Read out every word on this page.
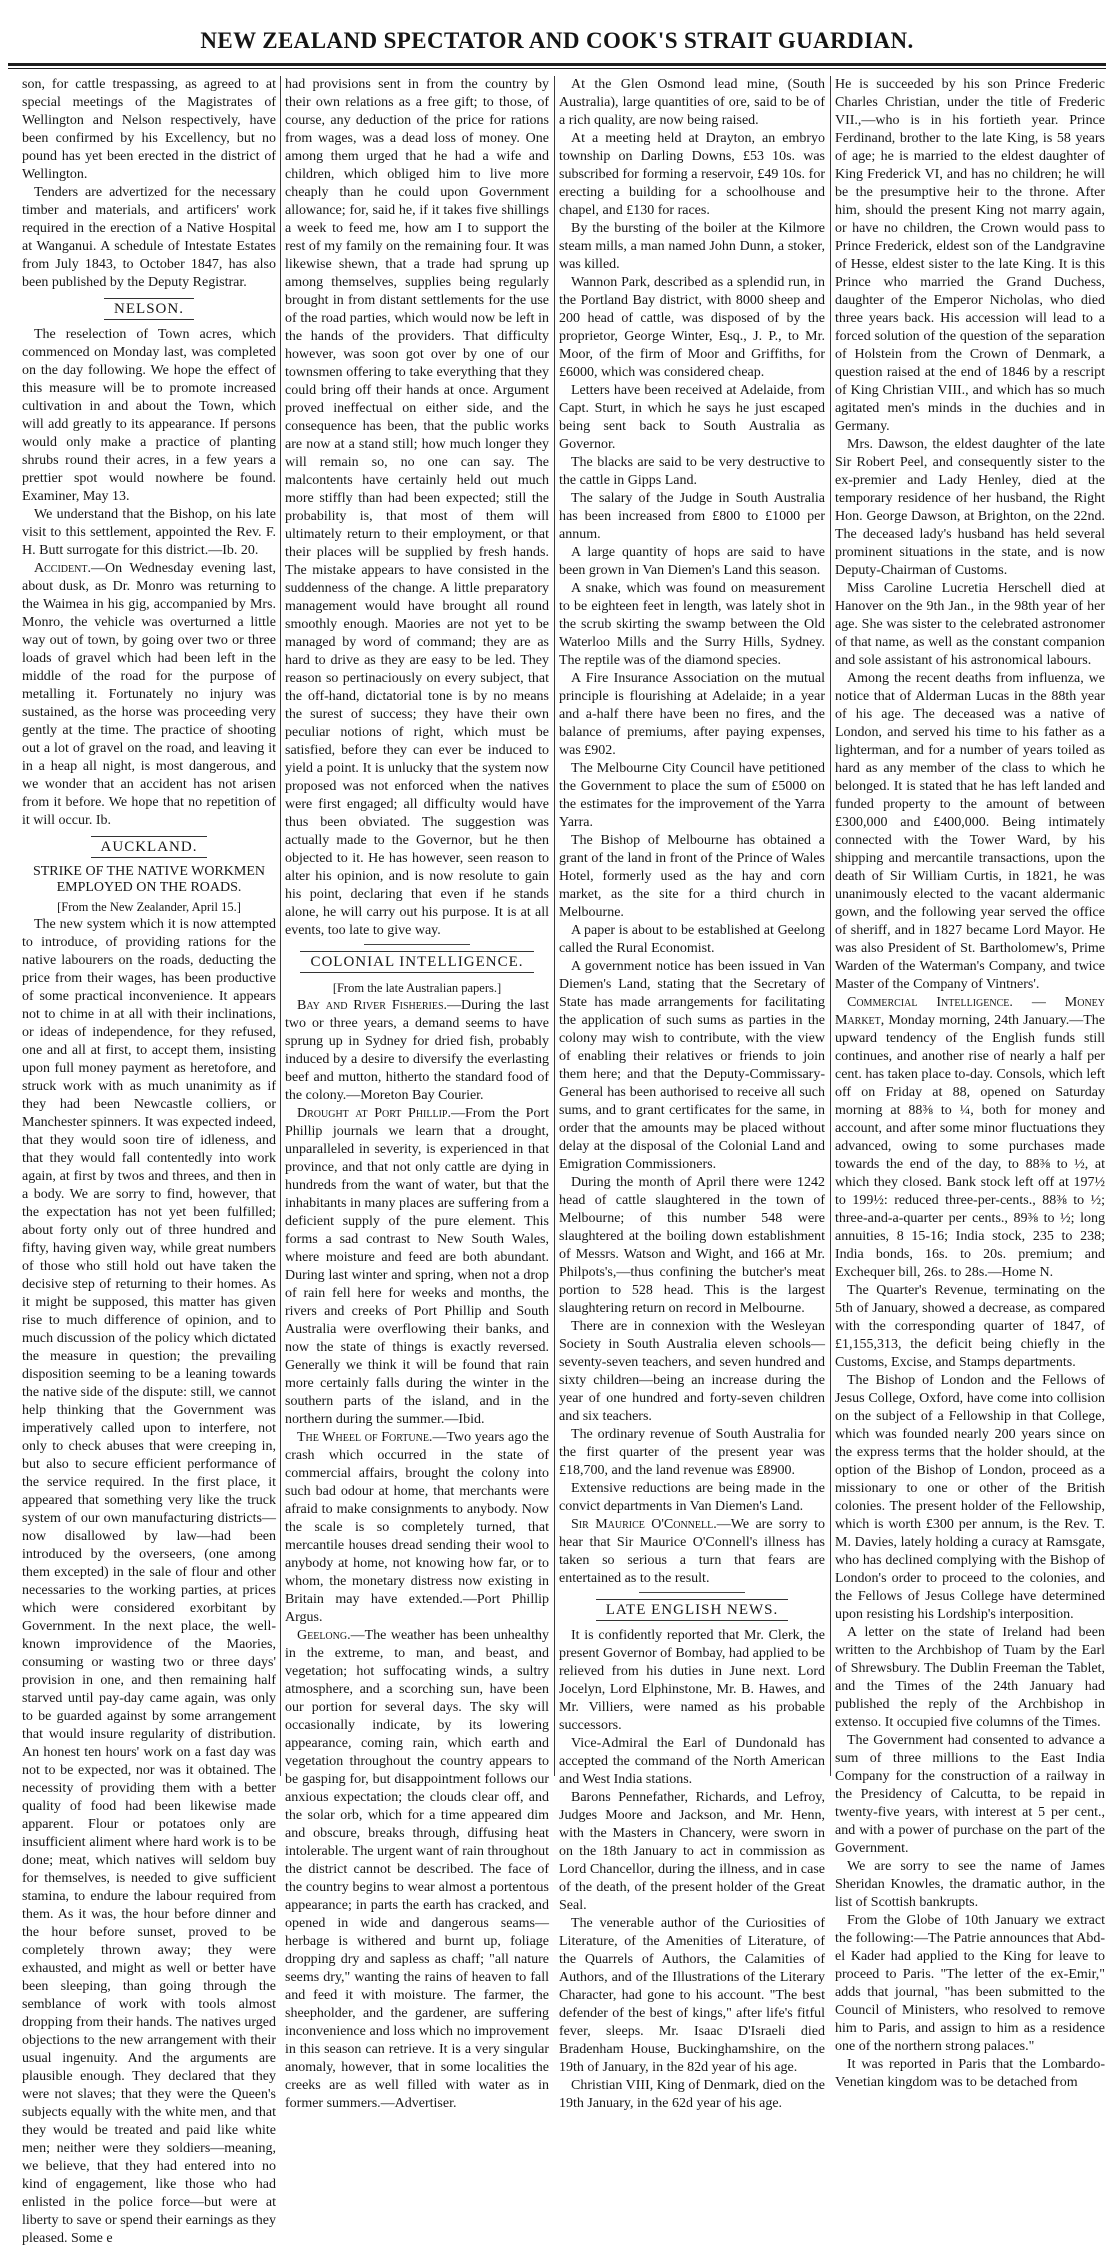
NEW ZEALAND SPECTATOR AND COOK'S STRAIT GUARDIAN.

son, for cattle trespassing, as agreed to at special meetings of the Magistrates of Wellington and Nelson respectively, have been confirmed by his Excellency, but no pound has yet been erected in the district of Wellington.

Tenders are advertized for the necessary timber and materials, and artificers' work required in the erection of a Native Hospital at Wanganui. A schedule of Intestate Estates from July 1843, to October 1847, has also been published by the Deputy Registrar.

NELSON.

The reselection of Town acres, which commenced on Monday last, was completed on the day following. We hope the effect of this measure will be to promote increased cultivation in and about the Town, which will add greatly to its appearance. If persons would only make a practice of planting shrubs round their acres, in a few years a prettier spot would nowhere be found. Examiner, May 13.

We understand that the Bishop, on his late visit to this settlement, appointed the Rev. F. H. Butt surrogate for this district.—Ib. 20.

Accident.—On Wednesday evening last, about dusk, as Dr. Monro was returning to the Waimea in his gig, accompanied by Mrs. Monro, the vehicle was overturned a little way out of town, by going over two or three loads of gravel which had been left in the middle of the road for the purpose of metalling it. Fortunately no injury was sustained, as the horse was proceeding very gently at the time. The practice of shooting out a lot of gravel on the road, and leaving it in a heap all night, is most dangerous, and we wonder that an accident has not arisen from it before. We hope that no repetition of it will occur. Ib.

AUCKLAND.
STRIKE OF THE NATIVE WORKMEN EMPLOYED ON THE ROADS.

[From the New Zealander, April 15.]

The new system which it is now attempted to introduce, of providing rations for the native labourers on the roads, deducting the price from their wages, has been productive of some practical inconvenience. It appears not to chime in at all with their inclinations, or ideas of independence, for they refused, one and all at first, to accept them, insisting upon full money payment as heretofore, and struck work with as much unanimity as if they had been Newcastle colliers, or Manchester spinners. It was expected indeed, that they would soon tire of idleness, and that they would fall contentedly into work again, at first by twos and threes, and then in a body. We are sorry to find, however, that the expectation has not yet been fulfilled; about forty only out of three hundred and fifty, having given way, while great numbers of those who still hold out have taken the decisive step of returning to their homes. As it might be supposed, this matter has given rise to much difference of opinion, and to much discussion of the policy which dictated the measure in question; the prevailing disposition seeming to be a leaning towards the native side of the dispute: still, we cannot help thinking that the Government was imperatively called upon to interfere, not only to check abuses that were creeping in, but also to secure efficient performance of the service required. In the first place, it appeared that something very like the truck system of our own manufacturing districts—now disallowed by law—had been introduced by the overseers, (one among them excepted) in the sale of flour and other necessaries to the working parties, at prices which were considered exorbitant by Government. In the next place, the well-known improvidence of the Maories, consuming or wasting two or three days' provision in one, and then remaining half starved until pay-day came again, was only to be guarded against by some arrangement that would insure regularity of distribution. An honest ten hours' work on a fast day was not to be expected, nor was it obtained. The necessity of providing them with a better quality of food had been likewise made apparent. Flour or potatoes only are insufficient aliment where hard work is to be done; meat, which natives will seldom buy for themselves, is needed to give sufficient stamina, to endure the labour required from them. As it was, the hour before dinner and the hour before sunset, proved to be completely thrown away; they were exhausted, and might as well or better have been sleeping, than going through the semblance of work with tools almost dropping from their hands. The natives urged objections to the new arrangement with their usual ingenuity. And the arguments are plausible enough. They declared that they were not slaves; that they were the Queen's subjects equally with the white men, and that they would be treated and paid like white men; neither were they soldiers—meaning, we believe, that they had entered into no kind of engagement, like those who had enlisted in the police force—but were at liberty to save or spend their earnings as they pleased. Some e

had provisions sent in from the country by their own relations as a free gift; to those, of course, any deduction of the price for rations from wages, was a dead loss of money. One among them urged that he had a wife and children, which obliged him to live more cheaply than he could upon Government allowance; for, said he, if it takes five shillings a week to feed me, how am I to support the rest of my family on the remaining four. It was likewise shewn, that a trade had sprung up among themselves, supplies being regularly brought in from distant settlements for the use of the road parties, which would now be left in the hands of the providers. That difficulty however, was soon got over by one of our townsmen offering to take everything that they could bring off their hands at once. Argument proved ineffectual on either side, and the consequence has been, that the public works are now at a stand still; how much longer they will remain so, no one can say. The malcontents have certainly held out much more stiffly than had been expected; still the probability is, that most of them will ultimately return to their employment, or that their places will be supplied by fresh hands. The mistake appears to have consisted in the suddenness of the change. A little preparatory management would have brought all round smoothly enough. Maories are not yet to be managed by word of command; they are as hard to drive as they are easy to be led. They reason so pertinaciously on every subject, that the off-hand, dictatorial tone is by no means the surest of success; they have their own peculiar notions of right, which must be satisfied, before they can ever be induced to yield a point. It is unlucky that the system now proposed was not enforced when the natives were first engaged; all difficulty would have thus been obviated. The suggestion was actually made to the Governor, but he then objected to it. He has however, seen reason to alter his opinion, and is now resolute to gain his point, declaring that even if he stands alone, he will carry out his purpose. It is at all events, too late to give way.

COLONIAL INTELLIGENCE.

[From the late Australian papers.]

Bay and River Fisheries.—During the last two or three years, a demand seems to have sprung up in Sydney for dried fish, probably induced by a desire to diversify the everlasting beef and mutton, hitherto the standard food of the colony.—Moreton Bay Courier.

Drought at Port Phillip.—From the Port Phillip journals we learn that a drought, unparalleled in severity, is experienced in that province, and that not only cattle are dying in hundreds from the want of water, but that the inhabitants in many places are suffering from a deficient supply of the pure element. This forms a sad contrast to New South Wales, where moisture and feed are both abundant. During last winter and spring, when not a drop of rain fell here for weeks and months, the rivers and creeks of Port Phillip and South Australia were overflowing their banks, and now the state of things is exactly reversed. Generally we think it will be found that rain more certainly falls during the winter in the southern parts of the island, and in the northern during the summer.—Ibid.

The Wheel of Fortune.—Two years ago the crash which occurred in the state of commercial affairs, brought the colony into such bad odour at home, that merchants were afraid to make consignments to anybody. Now the scale is so completely turned, that mercantile houses dread sending their wool to anybody at home, not knowing how far, or to whom, the monetary distress now existing in Britain may have extended.—Port Phillip Argus.

Geelong.—The weather has been unhealthy in the extreme, to man, and beast, and vegetation; hot suffocating winds, a sultry atmosphere, and a scorching sun, have been our portion for several days. The sky will occasionally indicate, by its lowering appearance, coming rain, which earth and vegetation throughout the country appears to be gasping for, but disappointment follows our anxious expectation; the clouds clear off, and the solar orb, which for a time appeared dim and obscure, breaks through, diffusing heat intolerable. The urgent want of rain throughout the district cannot be described. The face of the country begins to wear almost a portentous appearance; in parts the earth has cracked, and opened in wide and dangerous seams—herbage is withered and burnt up, foliage dropping dry and sapless as chaff; "all nature seems dry," wanting the rains of heaven to fall and feed it with moisture. The farmer, the sheepholder, and the gardener, are suffering inconvenience and loss which no improvement in this season can retrieve. It is a very singular anomaly, however, that in some localities the creeks are as well filled with water as in former summers.—Advertiser.

At the Glen Osmond lead mine, (South Australia), large quantities of ore, said to be of a rich quality, are now being raised.

At a meeting held at Drayton, an embryo township on Darling Downs, £53 10s. was subscribed for forming a reservoir, £49 10s. for erecting a building for a schoolhouse and chapel, and £130 for races.

By the bursting of the boiler at the Kilmore steam mills, a man named John Dunn, a stoker, was killed.

Wannon Park, described as a splendid run, in the Portland Bay district, with 8000 sheep and 200 head of cattle, was disposed of by the proprietor, George Winter, Esq., J. P., to Mr. Moor, of the firm of Moor and Griffiths, for £6000, which was considered cheap.

Letters have been received at Adelaide, from Capt. Sturt, in which he says he just escaped being sent back to South Australia as Governor.

The blacks are said to be very destructive to the cattle in Gipps Land.

The salary of the Judge in South Australia has been increased from £800 to £1000 per annum.

A large quantity of hops are said to have been grown in Van Diemen's Land this season.

A snake, which was found on measurement to be eighteen feet in length, was lately shot in the scrub skirting the swamp between the Old Waterloo Mills and the Surry Hills, Sydney. The reptile was of the diamond species.

A Fire Insurance Association on the mutual principle is flourishing at Adelaide; in a year and a-half there have been no fires, and the balance of premiums, after paying expenses, was £902.

The Melbourne City Council have petitioned the Government to place the sum of £5000 on the estimates for the improvement of the Yarra Yarra.

The Bishop of Melbourne has obtained a grant of the land in front of the Prince of Wales Hotel, formerly used as the hay and corn market, as the site for a third church in Melbourne.

A paper is about to be established at Geelong called the Rural Economist.

A government notice has been issued in Van Diemen's Land, stating that the Secretary of State has made arrangements for facilitating the application of such sums as parties in the colony may wish to contribute, with the view of enabling their relatives or friends to join them here; and that the Deputy-Commissary-General has been authorised to receive all such sums, and to grant certificates for the same, in order that the amounts may be placed without delay at the disposal of the Colonial Land and Emigration Commissioners.

During the month of April there were 1242 head of cattle slaughtered in the town of Melbourne; of this number 548 were slaughtered at the boiling down establishment of Messrs. Watson and Wight, and 166 at Mr. Philpots's,—thus confining the butcher's meat portion to 528 head. This is the largest slaughtering return on record in Melbourne.

There are in connexion with the Wesleyan Society in South Australia eleven schools—seventy-seven teachers, and seven hundred and sixty children—being an increase during the year of one hundred and forty-seven children and six teachers.

The ordinary revenue of South Australia for the first quarter of the present year was £18,700, and the land revenue was £8900.

Extensive reductions are being made in the convict departments in Van Diemen's Land.

Sir Maurice O'Connell.—We are sorry to hear that Sir Maurice O'Connell's illness has taken so serious a turn that fears are entertained as to the result.

LATE ENGLISH NEWS.

It is confidently reported that Mr. Clerk, the present Governor of Bombay, had applied to be relieved from his duties in June next. Lord Jocelyn, Lord Elphinstone, Mr. B. Hawes, and Mr. Villiers, were named as his probable successors.

Vice-Admiral the Earl of Dundonald has accepted the command of the North American and West India stations.

Barons Pennefather, Richards, and Lefroy, Judges Moore and Jackson, and Mr. Henn, with the Masters in Chancery, were sworn in on the 18th January to act in commission as Lord Chancellor, during the illness, and in case of the death, of the present holder of the Great Seal.

The venerable author of the Curiosities of Literature, of the Amenities of Literature, of the Quarrels of Authors, the Calamities of Authors, and of the Illustrations of the Literary Character, had gone to his account. "The best defender of the best of kings," after life's fitful fever, sleeps. Mr. Isaac D'Israeli died Bradenham House, Buckinghamshire, on the 19th of January, in the 82d year of his age.

Christian VIII, King of Denmark, died on the 19th January, in the 62d year of his age.

He is succeeded by his son Prince Frederic Charles Christian, under the title of Frederic VII.,—who is in his fortieth year. Prince Ferdinand, brother to the late King, is 58 years of age; he is married to the eldest daughter of King Frederick VI, and has no children; he will be the presumptive heir to the throne. After him, should the present King not marry again, or have no children, the Crown would pass to Prince Frederick, eldest son of the Landgravine of Hesse, eldest sister to the late King. It is this Prince who married the Grand Duchess, daughter of the Emperor Nicholas, who died three years back. His accession will lead to a forced solution of the question of the separation of Holstein from the Crown of Denmark, a question raised at the end of 1846 by a rescript of King Christian VIII., and which has so much agitated men's minds in the duchies and in Germany.

Mrs. Dawson, the eldest daughter of the late Sir Robert Peel, and consequently sister to the ex-premier and Lady Henley, died at the temporary residence of her husband, the Right Hon. George Dawson, at Brighton, on the 22nd. The deceased lady's husband has held several prominent situations in the state, and is now Deputy-Chairman of Customs.

Miss Caroline Lucretia Herschell died at Hanover on the 9th Jan., in the 98th year of her age. She was sister to the celebrated astronomer of that name, as well as the constant companion and sole assistant of his astronomical labours.

Among the recent deaths from influenza, we notice that of Alderman Lucas in the 88th year of his age. The deceased was a native of London, and served his time to his father as a lighterman, and for a number of years toiled as hard as any member of the class to which he belonged. It is stated that he has left landed and funded property to the amount of between £300,000 and £400,000. Being intimately connected with the Tower Ward, by his shipping and mercantile transactions, upon the death of Sir William Curtis, in 1821, he was unanimously elected to the vacant aldermanic gown, and the following year served the office of sheriff, and in 1827 became Lord Mayor. He was also President of St. Bartholomew's, Prime Warden of the Waterman's Company, and twice Master of the Company of Vintners'.

Commercial Intelligence. — Money Market, Monday morning, 24th January.—The upward tendency of the English funds still continues, and another rise of nearly a half per cent. has taken place to-day. Consols, which left off on Friday at 88, opened on Saturday morning at 88⅜ to ¼, both for money and account, and after some minor fluctuations they advanced, owing to some purchases made towards the end of the day, to 88⅜ to ½, at which they closed. Bank stock left off at 197½ to 199½: reduced three-per-cents., 88⅜ to ½; three-and-a-quarter per cents., 89⅜ to ½; long annuities, 8 15-16; India stock, 235 to 238; India bonds, 16s. to 20s. premium; and Exchequer bill, 26s. to 28s.—Home N.

The Quarter's Revenue, terminating on the 5th of January, showed a decrease, as compared with the corresponding quarter of 1847, of £1,155,313, the deficit being chiefly in the Customs, Excise, and Stamps departments.

The Bishop of London and the Fellows of Jesus College, Oxford, have come into collision on the subject of a Fellowship in that College, which was founded nearly 200 years since on the express terms that the holder should, at the option of the Bishop of London, proceed as a missionary to one or other of the British colonies. The present holder of the Fellowship, which is worth £300 per annum, is the Rev. T. M. Davies, lately holding a curacy at Ramsgate, who has declined complying with the Bishop of London's order to proceed to the colonies, and the Fellows of Jesus College have determined upon resisting his Lordship's interposition.

A letter on the state of Ireland had been written to the Archbishop of Tuam by the Earl of Shrewsbury. The Dublin Freeman the Tablet, and the Times of the 24th January had published the reply of the Archbishop in extenso. It occupied five columns of the Times.

The Government had consented to advance a sum of three millions to the East India Company for the construction of a railway in the Presidency of Calcutta, to be repaid in twenty-five years, with interest at 5 per cent., and with a power of purchase on the part of the Government.

We are sorry to see the name of James Sheridan Knowles, the dramatic author, in the list of Scottish bankrupts.

From the Globe of 10th January we extract the following:—The Patrie announces that Abd-el Kader had applied to the King for leave to proceed to Paris. "The letter of the ex-Emir," adds that journal, "has been submitted to the Council of Ministers, who resolved to remove him to Paris, and assign to him as a residence one of the northern strong palaces."

It was reported in Paris that the Lombardo-Venetian kingdom was to be detached from
